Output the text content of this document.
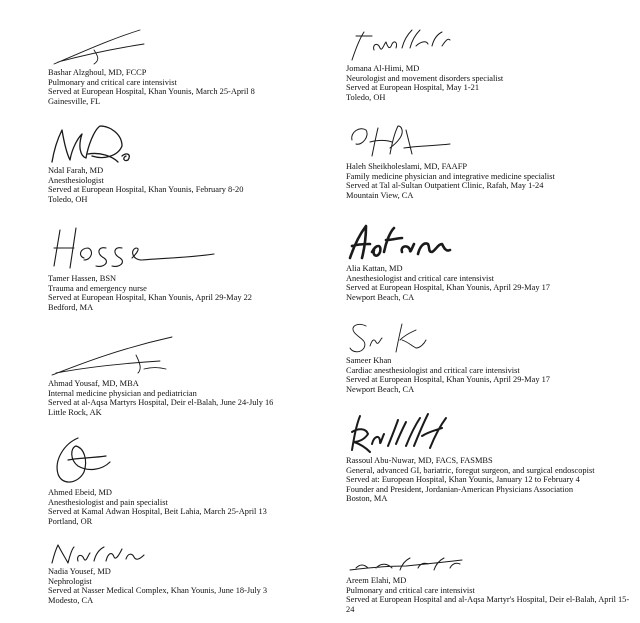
Bashar Alzghoul, MD, FCCP
Pulmonary and critical care intensivist
Served at European Hospital, Khan Younis, March 25-April 8
Gainesville, FL
Ndal Farah, MD
Anesthesiologist
Served at European Hospital, Khan Younis, February 8-20
Toledo, OH
Tamer Hassen, BSN
Trauma and emergency nurse
Served at European Hospital, Khan Younis, April 29-May 22
Bedford, MA
Ahmad Yousaf, MD, MBA
Internal medicine physician and pediatrician
Served at al-Aqsa Martyrs Hospital, Deir el-Balah, June 24-July 16
Little Rock, AK
Ahmed Ebeid, MD
Anesthesiologist and pain specialist
Served at Kamal Adwan Hospital, Beit Lahia, March 25-April 13
Portland, OR
Nadia Yousef, MD
Nephrologist
Served at Nasser Medical Complex, Khan Younis, June 18-July 3
Modesto, CA
Jomana Al-Himi, MD
Neurologist and movement disorders specialist
Served at European Hospital, May 1-21
Toledo, OH
Haleh Sheikholeslami, MD, FAAFP
Family medicine physician and integrative medicine specialist
Served at Tal al-Sultan Outpatient Clinic, Rafah, May 1-24
Mountain View, CA
Alia Kattan, MD
Anesthesiologist and critical care intensivist
Served at European Hospital, Khan Younis, April 29-May 17
Newport Beach, CA
Sameer Khan
Cardiac anesthesiologist and critical care intensivist
Served at European Hospital, Khan Younis, April 29-May 17
Newport Beach, CA
Rassoul Abu-Nuwar, MD, FACS, FASMBS
General, advanced GI, bariatric, foregut surgeon, and surgical endoscopist
Served at: European Hospital, Khan Younis, January 12 to February 4
Founder and President, Jordanian-American Physicians Association
Boston, MA
Areem Elahi, MD
Pulmonary and critical care intensivist
Served at European Hospital and al-Aqsa Martyr's Hospital, Deir el-Balah, April 15-24
